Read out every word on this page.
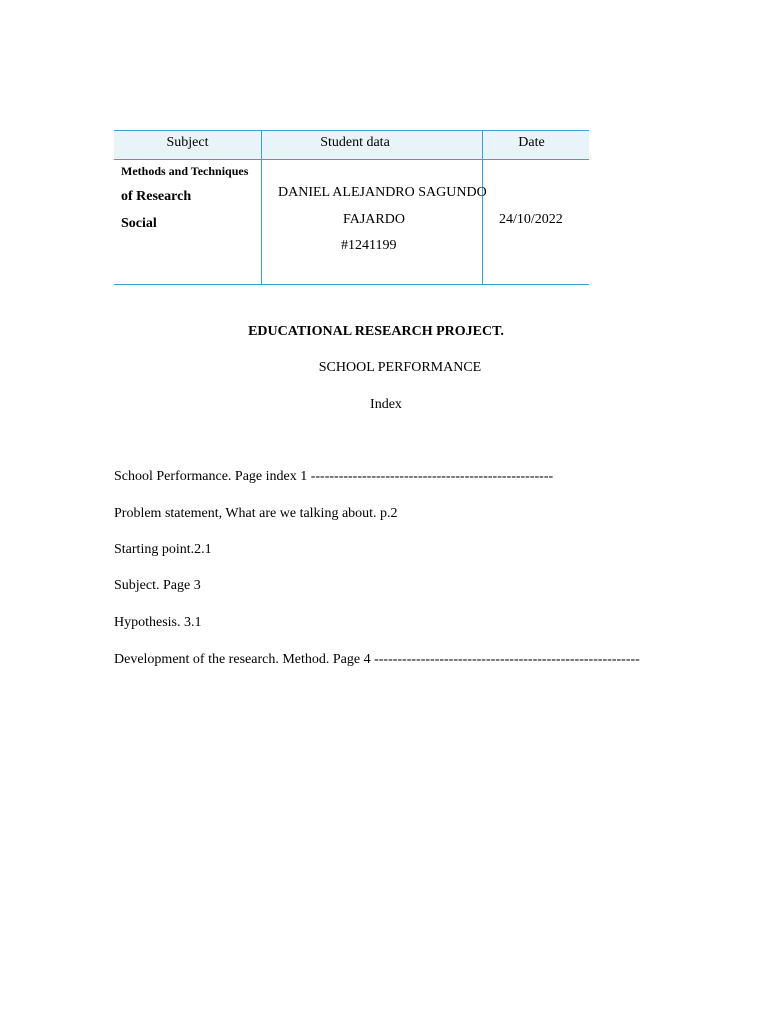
Subject	Student data	Date
Methods and Techniques
of Research
Social
DANIEL ALEJANDRO SAGUNDO
FAJARDO
#1241199
24/10/2022
EDUCATIONAL RESEARCH PROJECT.
SCHOOL PERFORMANCE
Index
School Performance. Page index 1 ----------------------------------------------------
Problem statement, What are we talking about. p.2
Starting point.2.1
Subject. Page 3
Hypothesis. 3.1
Development of the research. Method. Page 4 ---------------------------------------------------------
